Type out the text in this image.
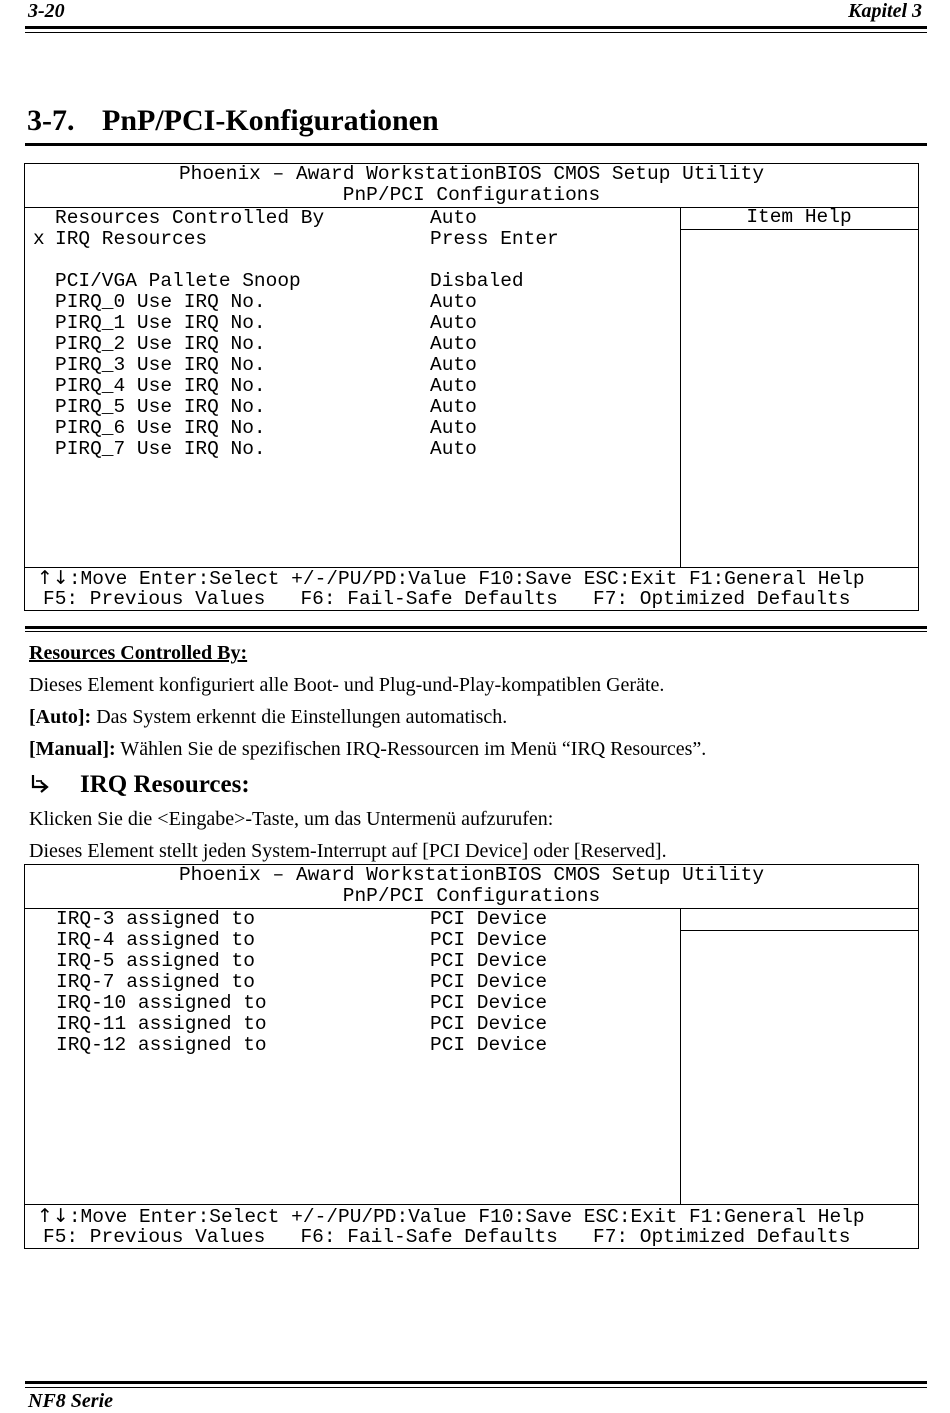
3-20	Kapitel 3
3-7. PnP/PCI-Konfigurationen
Phoenix – Award WorkstationBIOS CMOS Setup Utility
PnP/PCI Configurations
Item Help

Resources Controlled By	Auto
x IRQ Resources	Press Enter

PCI/VGA Pallete Snoop	Disbaled

PIRQ_0 Use IRQ No.	Auto

PIRQ_1 Use IRQ No.	Auto

PIRQ_2 Use IRQ No.	Auto

PIRQ_3 Use IRQ No.	Auto

PIRQ_4 Use IRQ No.	Auto

PIRQ_5 Use IRQ No.	Auto

PIRQ_6 Use IRQ No.	Auto

PIRQ_7 Use IRQ No.	Auto
↑↓:Move Enter:Select +/-/PU/PD:Value F10:Save ESC:Exit F1:General Help
F5: Previous Values   F6: Fail-Safe Defaults   F7: Optimized Defaults
Resources Controlled By:
Dieses Element konfiguriert alle Boot- und Plug-und-Play-kompatiblen Geräte.
[Auto]: Das System erkennt die Einstellungen automatisch.
[Manual]: Wählen Sie de spezifischen IRQ-Ressourcen im Menü “IRQ Resources”.
IRQ Resources:
Klicken Sie die <Eingabe>-Taste, um das Untermenü aufzurufen:
Dieses Element stellt jeden System-Interrupt auf [PCI Device] oder [Reserved].
Phoenix – Award WorkstationBIOS CMOS Setup Utility
PnP/PCI Configurations
IRQ-3 assigned to	PCI Device
IRQ-4 assigned to	PCI Device
IRQ-5 assigned to	PCI Device
IRQ-7 assigned to	PCI Device
IRQ-10 assigned to	PCI Device
IRQ-11 assigned to	PCI Device
IRQ-12 assigned to	PCI Device
↑↓:Move Enter:Select +/-/PU/PD:Value F10:Save ESC:Exit F1:General Help
F5: Previous Values   F6: Fail-Safe Defaults   F7: Optimized Defaults
NF8 Serie
